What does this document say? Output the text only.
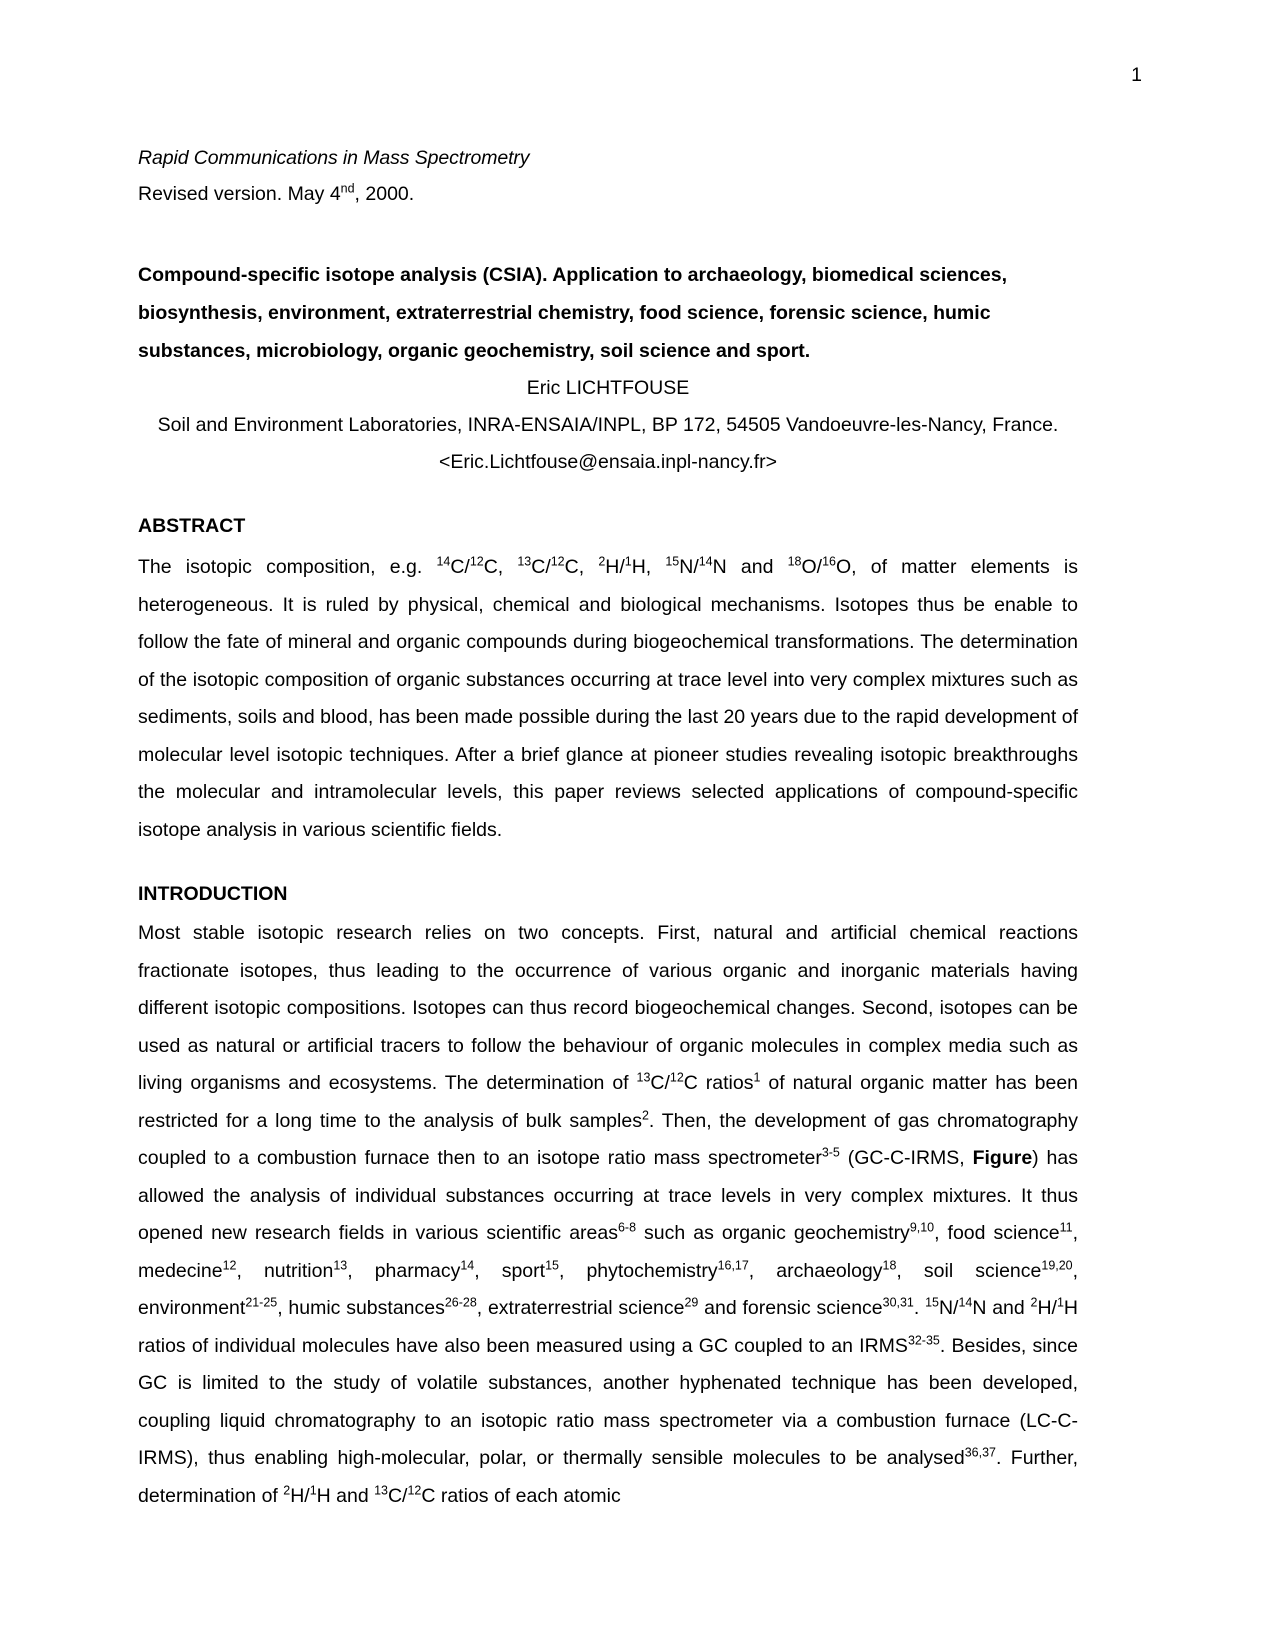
1

Rapid Communications in Mass Spectrometry

Revised version. May 4nd, 2000.

Compound-specific isotope analysis (CSIA). Application to archaeology, biomedical sciences, biosynthesis, environment, extraterrestrial chemistry, food science, forensic science, humic substances, microbiology, organic geochemistry, soil science and sport.

Eric LICHTFOUSE

Soil and Environment Laboratories, INRA-ENSAIA/INPL, BP 172, 54505 Vandoeuvre-les-Nancy, France.

<Eric.Lichtfouse@ensaia.inpl-nancy.fr>

ABSTRACT

The isotopic composition, e.g. $^{14}$C/$^{12}$C, $^{13}$C/$^{12}$C, $^2$H/$^1$H, $^{15}$N/$^{14}$N and $^{18}$O/$^{16}$O, of matter elements is heterogeneous. It is ruled by physical, chemical and biological mechanisms. Isotopes thus be enable to follow the fate of mineral and organic compounds during biogeochemical transformations. The determination of the isotopic composition of organic substances occurring at trace level into very complex mixtures such as sediments, soils and blood, has been made possible during the last 20 years due to the rapid development of molecular level isotopic techniques. After a brief glance at pioneer studies revealing isotopic breakthroughs the molecular and intramolecular levels, this paper reviews selected applications of compound-specific isotope analysis in various scientific fields.

INTRODUCTION

Most stable isotopic research relies on two concepts. First, natural and artificial chemical reactions fractionate isotopes, thus leading to the occurrence of various organic and inorganic materials having different isotopic compositions. Isotopes can thus record biogeochemical changes. Second, isotopes can be used as natural or artificial tracers to follow the behaviour of organic molecules in complex media such as living organisms and ecosystems. The determination of $^{13}$C/$^{12}$C ratios$^1$ of natural organic matter has been restricted for a long time to the analysis of bulk samples$^2$. Then, the development of gas chromatography coupled to a combustion furnace then to an isotope ratio mass spectrometer$^{3-5}$ (GC-C-IRMS, Figure) has allowed the analysis of individual substances occurring at trace levels in very complex mixtures. It thus opened new research fields in various scientific areas$^{6-8}$ such as organic geochemistry$^{9,10}$, food science$^{11}$, medecine$^{12}$, nutrition$^{13}$, pharmacy$^{14}$, sport$^{15}$, phytochemistry$^{16,17}$, archaeology$^{18}$, soil science$^{19,20}$, environment$^{21-25}$, humic substances$^{26-28}$, extraterrestrial science$^{29}$ and forensic science$^{30,31}$. $^{15}$N/$^{14}$N and $^2$H/$^1$H ratios of individual molecules have also been measured using a GC coupled to an IRMS$^{32-35}$. Besides, since GC is limited to the study of volatile substances, another hyphenated technique has been developed, coupling liquid chromatography to an isotopic ratio mass spectrometer via a combustion furnace (LC-C-IRMS), thus enabling high-molecular, polar, or thermally sensible molecules to be analysed$^{36,37}$. Further, determination of $^2$H/$^1$H and $^{13}$C/$^{12}$C ratios of each atomic
